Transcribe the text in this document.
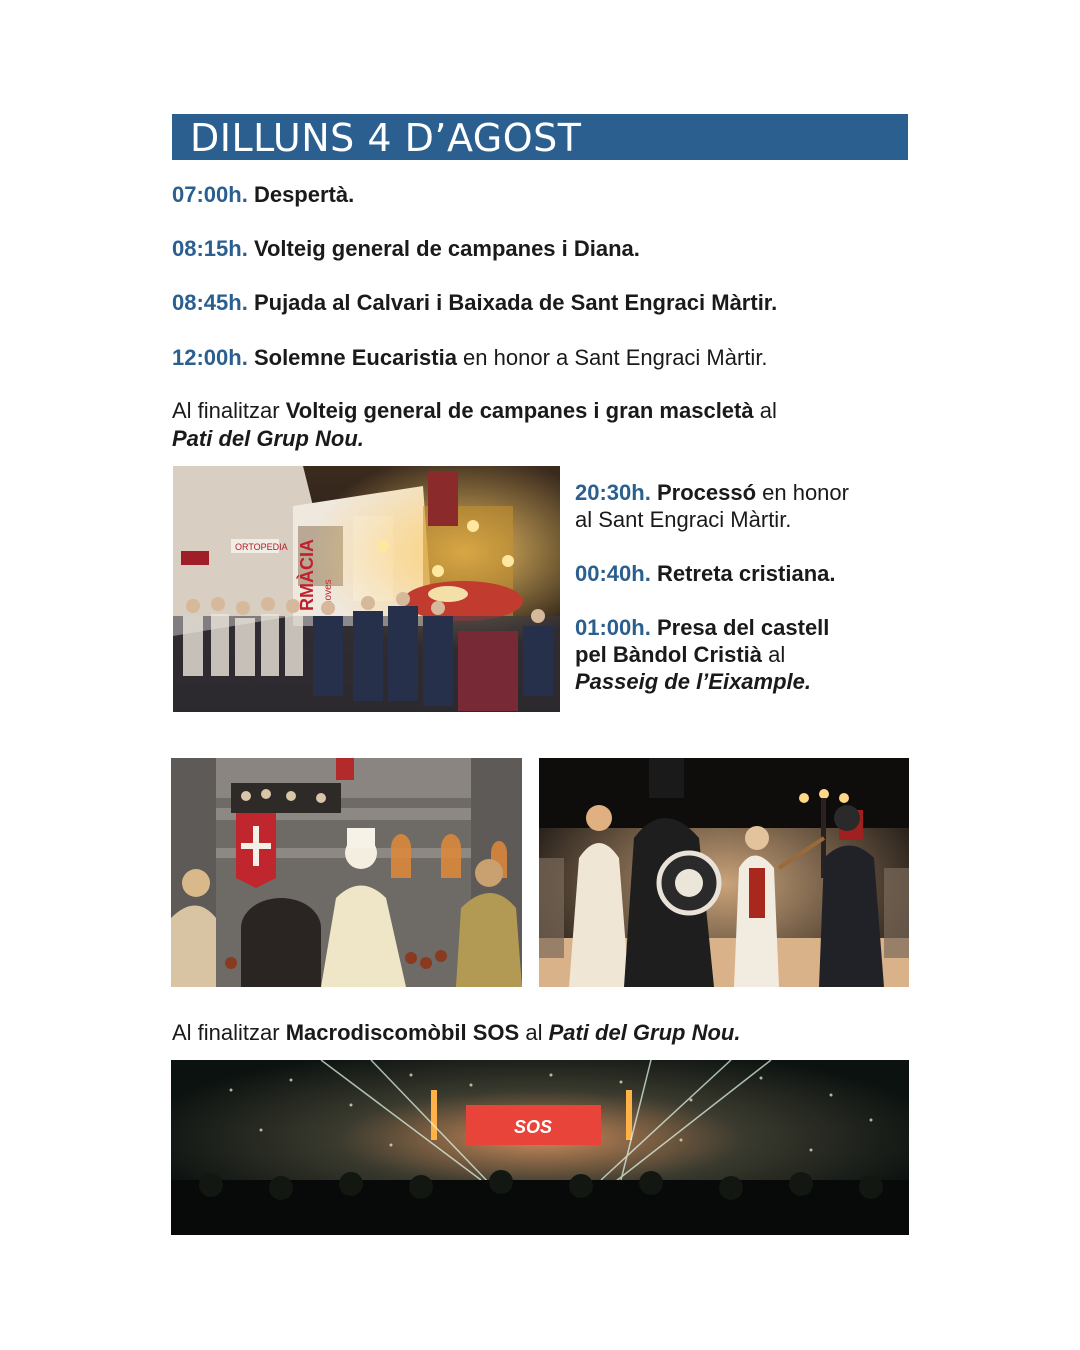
DILLUNS 4 D’AGOST
07:00h. Despertà.
08:15h. Volteig general de campanes i Diana.
08:45h. Pujada al Calvari i Baixada de Sant Engraci Màrtir.
12:00h. Solemne Eucaristia en honor a Sant Engraci Màrtir.
Al finalitzar Volteig general de campanes i gran mascletà al
Pati del Grup Nou.
20:30h. Processó en honor
al Sant Engraci Màrtir.
00:40h. Retreta cristiana.
01:00h. Presa del castell
pel Bàndol Cristià al
Passeig de l’Eixample.
Al finalitzar Macrodiscomòbil SOS al Pati del Grup Nou.
SOS
